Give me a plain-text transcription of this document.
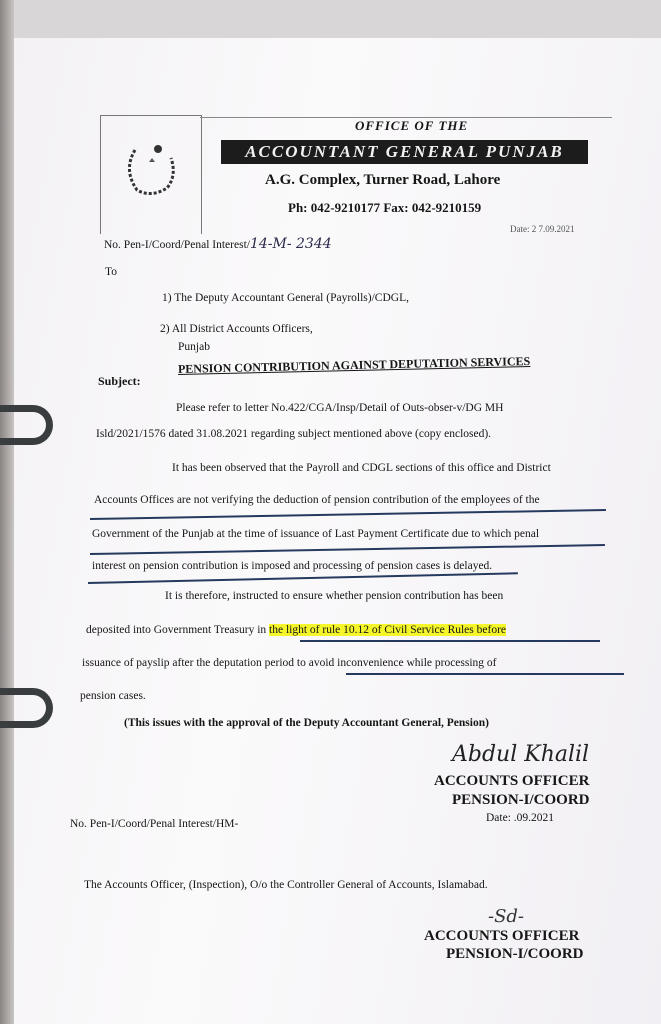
OFFICE OF THE
ACCOUNTANT GENERAL PUNJAB
A.G. Complex, Turner Road, Lahore
Ph: 042-9210177 Fax: 042-9210159
No. Pen-I/Coord/Penal Interest/14-M- 2344
Date: 2 7.09.2021
To
1) The Deputy Accountant General (Payrolls)/CDGL,
2) All District Accounts Officers,
Punjab
Subject:
PENSION CONTRIBUTION AGAINST DEPUTATION SERVICES
Please refer to letter No.422/CGA/Insp/Detail of Outs-obser-v/DG MH
Isld/2021/1576 dated 31.08.2021 regarding subject mentioned above (copy enclosed).
It has been observed that the Payroll and CDGL sections of this office and District
Accounts Offices are not verifying the deduction of pension contribution of the employees of the
Government of the Punjab at the time of issuance of Last Payment Certificate due to which penal
interest on pension contribution is imposed and processing of pension cases is delayed.
It is therefore, instructed to ensure whether pension contribution has been
deposited into Government Treasury in the light of rule 10.12 of Civil Service Rules before
issuance of payslip after the deputation period to avoid inconvenience while processing of
pension cases.
(This issues with the approval of the Deputy Accountant General, Pension)
Abdul Khalil
ACCOUNTS OFFICER
PENSION-I/COORD
Date: .09.2021
No. Pen-I/Coord/Penal Interest/HM-
The Accounts Officer, (Inspection), O/o the Controller General of Accounts, Islamabad.
-Sd-
ACCOUNTS OFFICER
PENSION-I/COORD
